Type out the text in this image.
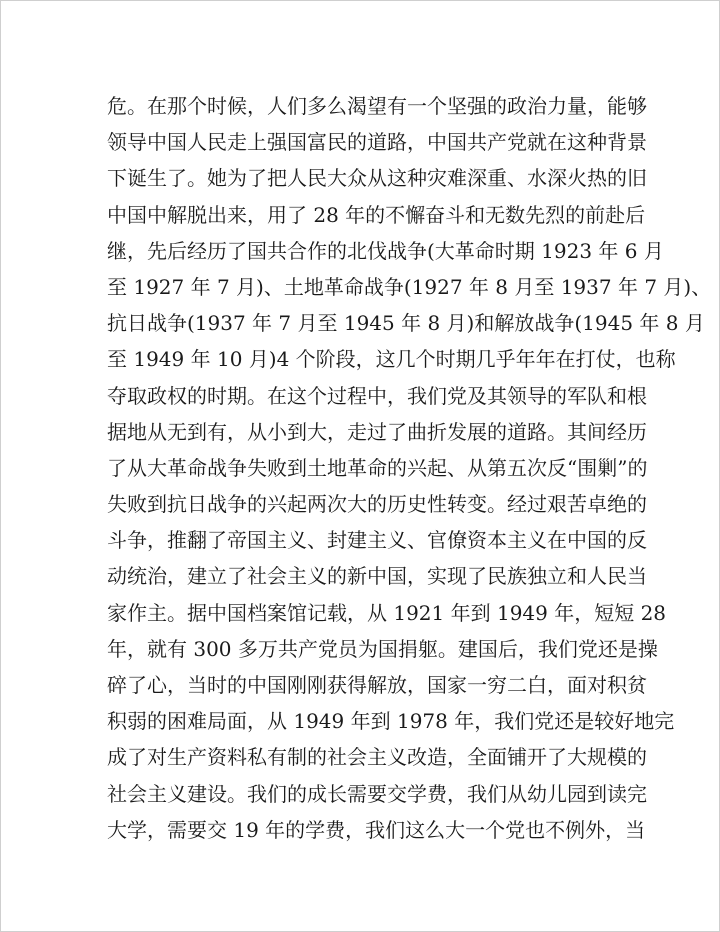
危。在那个时候，人们多么渴望有一个坚强的政治力量，能够
领导中国人民走上强国富民的道路，中国共产党就在这种背景
下诞生了。她为了把人民大众从这种灾难深重、水深火热的旧
中国中解脱出来，用了 28 年的不懈奋斗和无数先烈的前赴后
继，先后经历了国共合作的北伐战争(大革命时期 1923 年 6 月
至 1927 年 7 月)、土地革命战争(1927 年 8 月至 1937 年 7 月)、
抗日战争(1937 年 7 月至 1945 年 8 月)和解放战争(1945 年 8 月
至 1949 年 10 月)4 个阶段，这几个时期几乎年年在打仗，也称
夺取政权的时期。在这个过程中，我们党及其领导的军队和根
据地从无到有，从小到大，走过了曲折发展的道路。其间经历
了从大革命战争失败到土地革命的兴起、从第五次反“围剿”的
失败到抗日战争的兴起两次大的历史性转变。经过艰苦卓绝的
斗争，推翻了帝国主义、封建主义、官僚资本主义在中国的反
动统治，建立了社会主义的新中国，实现了民族独立和人民当
家作主。据中国档案馆记载，从 1921 年到 1949 年，短短 28
年，就有 300 多万共产党员为国捐躯。建国后，我们党还是操
碎了心，当时的中国刚刚获得解放，国家一穷二白，面对积贫
积弱的困难局面，从 1949 年到 1978 年，我们党还是较好地完
成了对生产资料私有制的社会主义改造，全面铺开了大规模的
社会主义建设。我们的成长需要交学费，我们从幼儿园到读完
大学，需要交 19 年的学费，我们这么大一个党也不例外，当
